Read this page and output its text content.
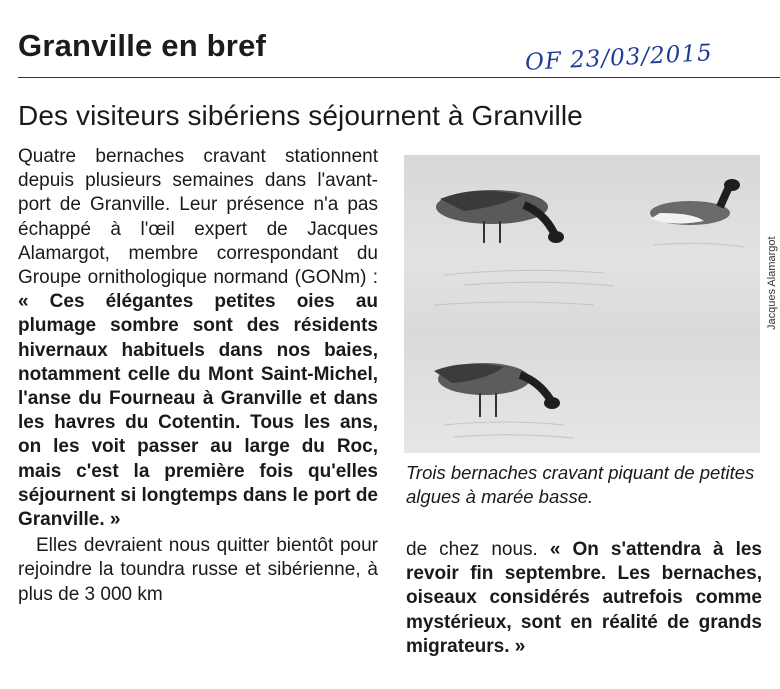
Granville en bref	OF 23/03/2015
Des visiteurs sibériens séjournent à Granville

Quatre bernaches cravant stationnent depuis plusieurs semaines dans l'avant-port de Granville. Leur présence n'a pas échappé à l'œil expert de Jacques Alamargot, membre correspondant du Groupe ornithologique normand (GONm) : « Ces élégantes petites oies au plumage sombre sont des résidents hivernaux habituels dans nos baies, notamment celle du Mont Saint-Michel, l'anse du Fourneau à Granville et dans les havres du Cotentin. Tous les ans, on les voit passer au large du Roc, mais c'est la première fois qu'elles séjournent si longtemps dans le port de Granville. »

Elles devraient nous quitter bientôt pour rejoindre la toundra russe et sibérienne, à plus de 3 000 km

Jacques Alamargot
Trois bernaches cravant piquant de petites algues à marée basse.
de chez nous. « On s'attendra à les revoir fin septembre. Les bernaches, oiseaux considérés autrefois comme mystérieux, sont en réalité de grands migrateurs. »
